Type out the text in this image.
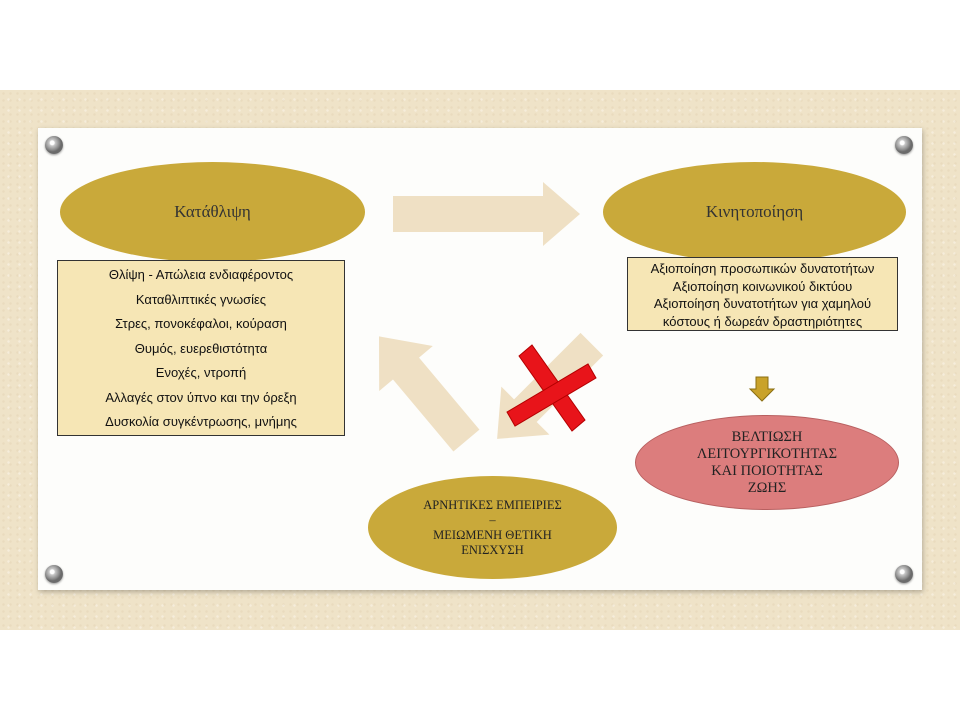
Κατάθλιψη
Θλίψη - Απώλεια ενδιαφέροντος
Καταθλιπτικές γνωσίες
Στρες, πονοκέφαλοι, κούραση
Θυμός, ευερεθιστότητα
Ενοχές, ντροπή
Αλλαγές στον ύπνο και την όρεξη
Δυσκολία συγκέντρωσης, μνήμης
Κινητοποίηση
Αξιοποίηση προσωπικών δυνατοτήτων
Αξιοποίηση κοινωνικού δικτύου
Αξιοποίηση δυνατοτήτων για χαμηλού
κόστους ή δωρεάν δραστηριότητες
ΒΕΛΤΙΩΣΗ
ΛΕΙΤΟΥΡΓΙΚΟΤΗΤΑΣ
ΚΑΙ ΠΟΙΟΤΗΤΑΣ
ΖΩΗΣ
ΑΡΝΗΤΙΚΕΣ ΕΜΠΕΙΡΙΕΣ
–
ΜΕΙΩΜΕΝΗ ΘΕΤΙΚΗ
ΕΝΙΣΧΥΣΗ
